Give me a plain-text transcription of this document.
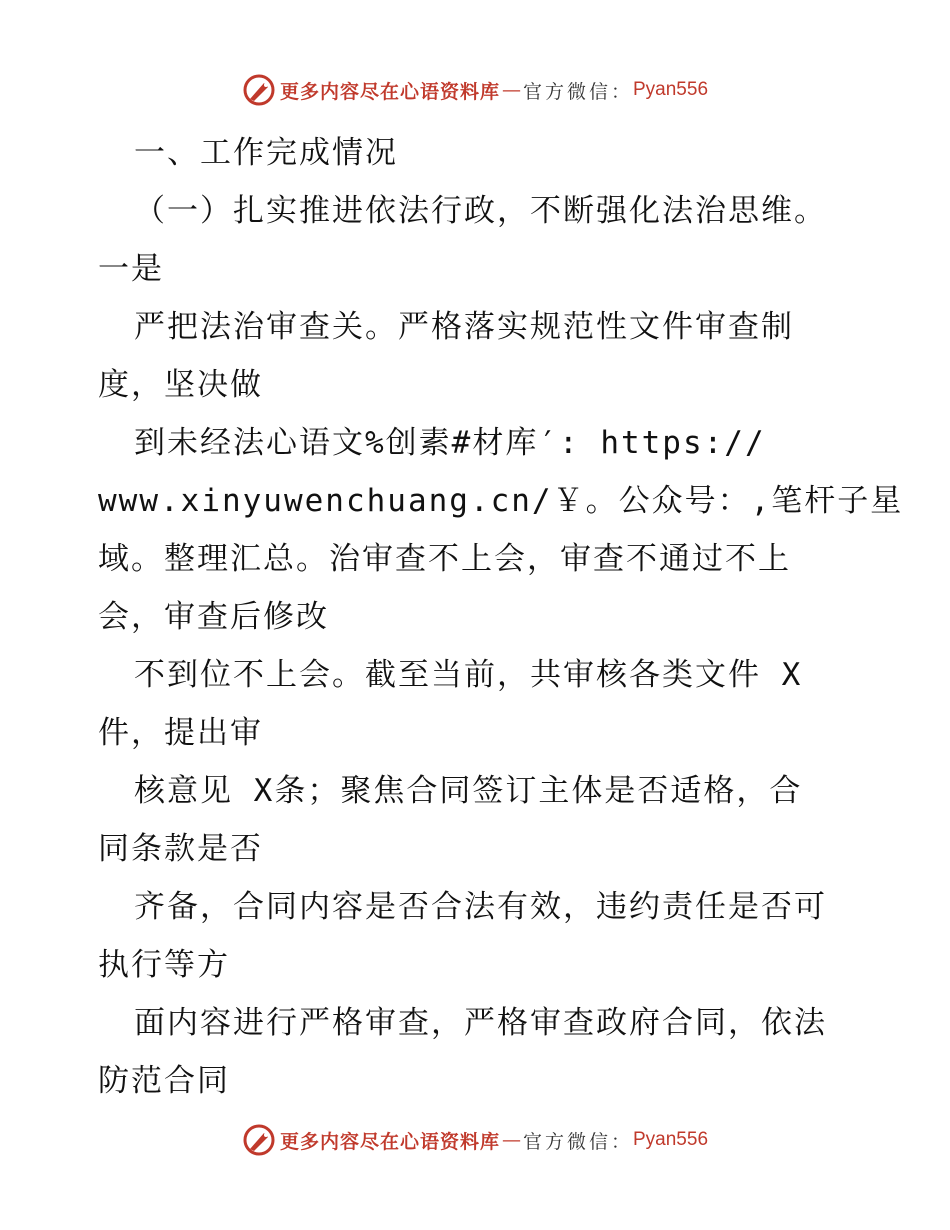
更多内容尽在心语资料库 — 官方微信： Pyan556
一、工作完成情况
（一）扎实推进依法行政，不断强化法治思维。
一是
严把法治审查关。严格落实规范性文件审查制
度，坚决做
到未经法心语文%创素#材库′: https://
www.xinyuwenchuang.cn/￥。公众号：,笔杆子星
域。整理汇总。治审查不上会，审查不通过不上
会，审查后修改
不到位不上会。截至当前，共审核各类文件 X
件，提出审
核意见 X条；聚焦合同签订主体是否适格，合
同条款是否
齐备，合同内容是否合法有效，违约责任是否可
执行等方
面内容进行严格审查，严格审查政府合同，依法
防范合同
更多内容尽在心语资料库 — 官方微信： Pyan556
